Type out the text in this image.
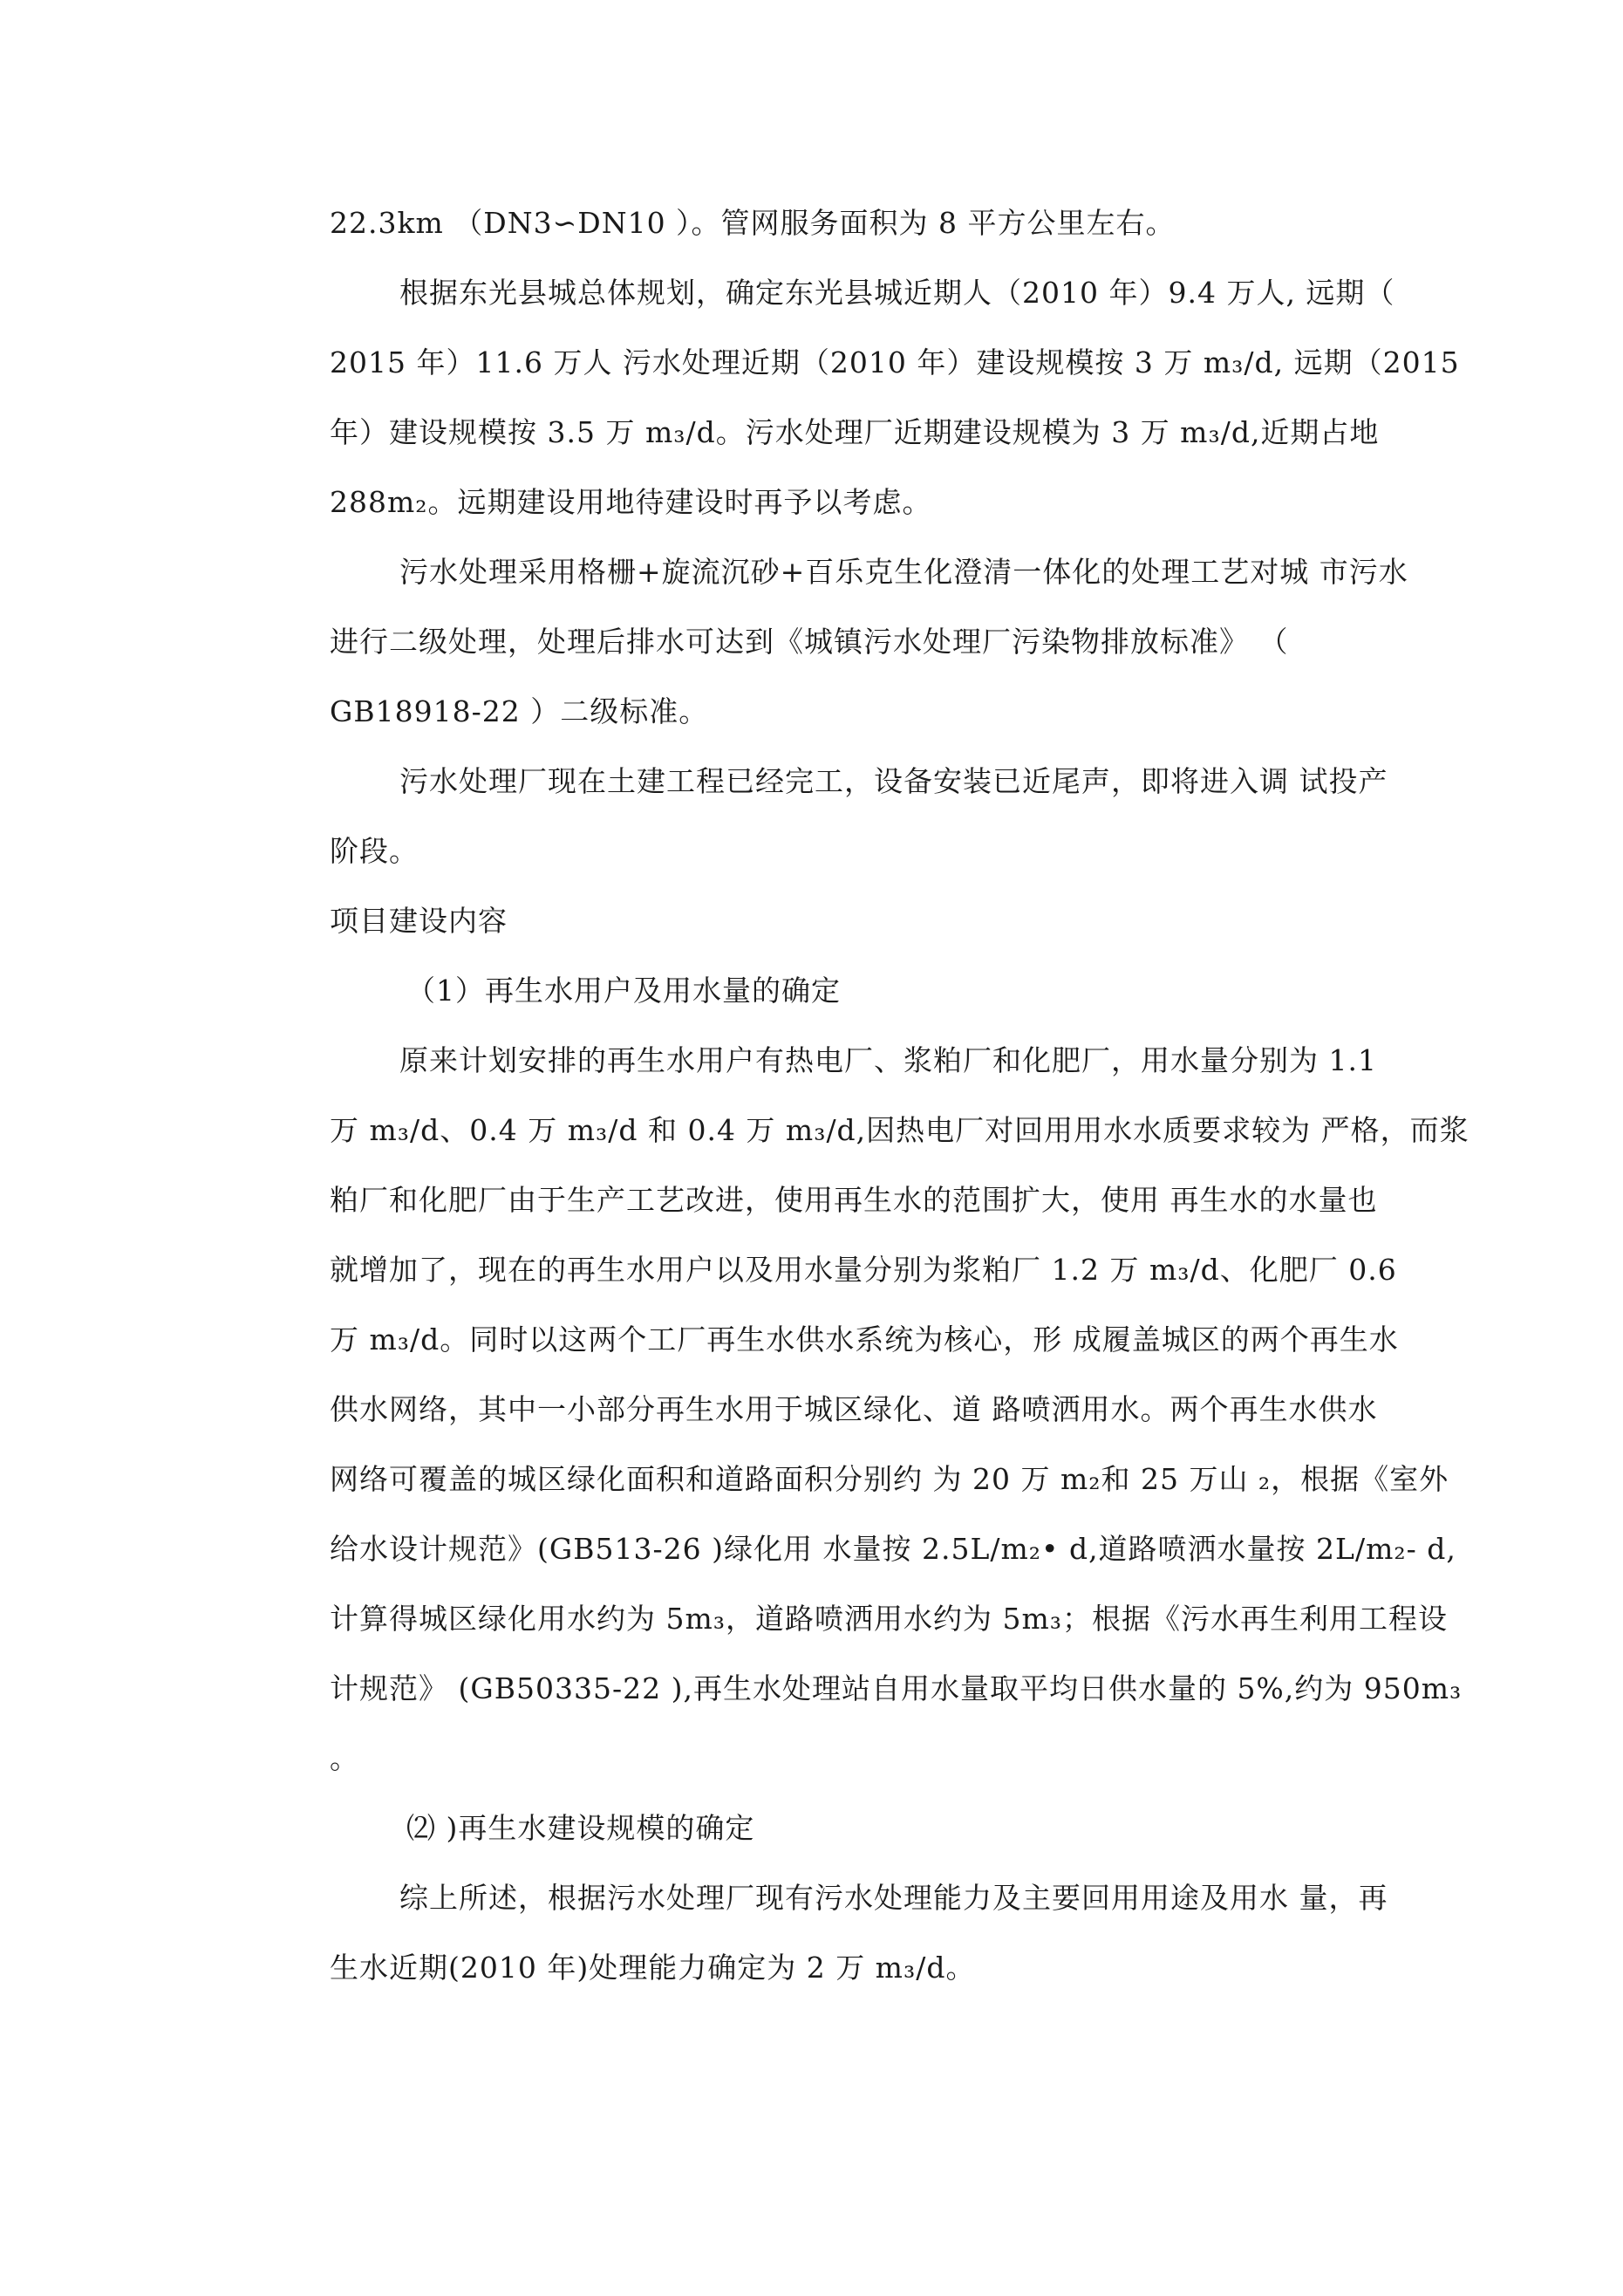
22.3km （DN3∽DN10 ）。管网服务面积为 8 平方公里左右。
根据东光县城总体规划，确定东光县城近期人（2010 年）9.4 万人, 远期（
2015 年）11.6 万人 污水处理近期（2010 年）建设规模按 3 万 m₃/d, 远期（2015
年）建设规模按 3.5 万 m₃/d。污水处理厂近期建设规模为 3 万 m₃/d,近期占地
288m₂。远期建设用地待建设时再予以考虑。
污水处理采用格栅+旋流沉砂+百乐克生化澄清一体化的处理工艺对城 市污水
进行二级处理，处理后排水可达到《城镇污水处理厂污染物排放标准》 （
GB18918-22 ）二级标准。
污水处理厂现在土建工程已经完工，设备安装已近尾声，即将进入调 试投产
阶段。
项目建设内容
（1）再生水用户及用水量的确定
原来计划安排的再生水用户有热电厂、浆粕厂和化肥厂，用水量分别为 1.1
万 m₃/d、0.4 万 m₃/d 和 0.4 万 m₃/d,因热电厂对回用用水水质要求较为 严格，而浆
粕厂和化肥厂由于生产工艺改进，使用再生水的范围扩大，使用 再生水的水量也
就增加了，现在的再生水用户以及用水量分别为浆粕厂 1.2 万 m₃/d、化肥厂 0.6
万 m₃/d。同时以这两个工厂再生水供水系统为核心，形 成履盖城区的两个再生水
供水网络，其中一小部分再生水用于城区绿化、道 路喷洒用水。两个再生水供水
网络可覆盖的城区绿化面积和道路面积分别约 为 20 万 m₂和 25 万山 ₂，根据《室外
给水设计规范》(GB513-26 )绿化用 水量按 2.5L/m₂• d,道路喷洒水量按 2L/m₂- d,
计算得城区绿化用水约为 5m₃，道路喷洒用水约为 5m₃；根据《污水再生利用工程设
计规范》 (GB50335-22 ),再生水处理站自用水量取平均日供水量的 5%,约为 950m₃
。
⑵ )再生水建设规模的确定
综上所述，根据污水处理厂现有污水处理能力及主要回用用途及用水 量，再
生水近期(2010 年)处理能力确定为 2 万 m₃/d。
